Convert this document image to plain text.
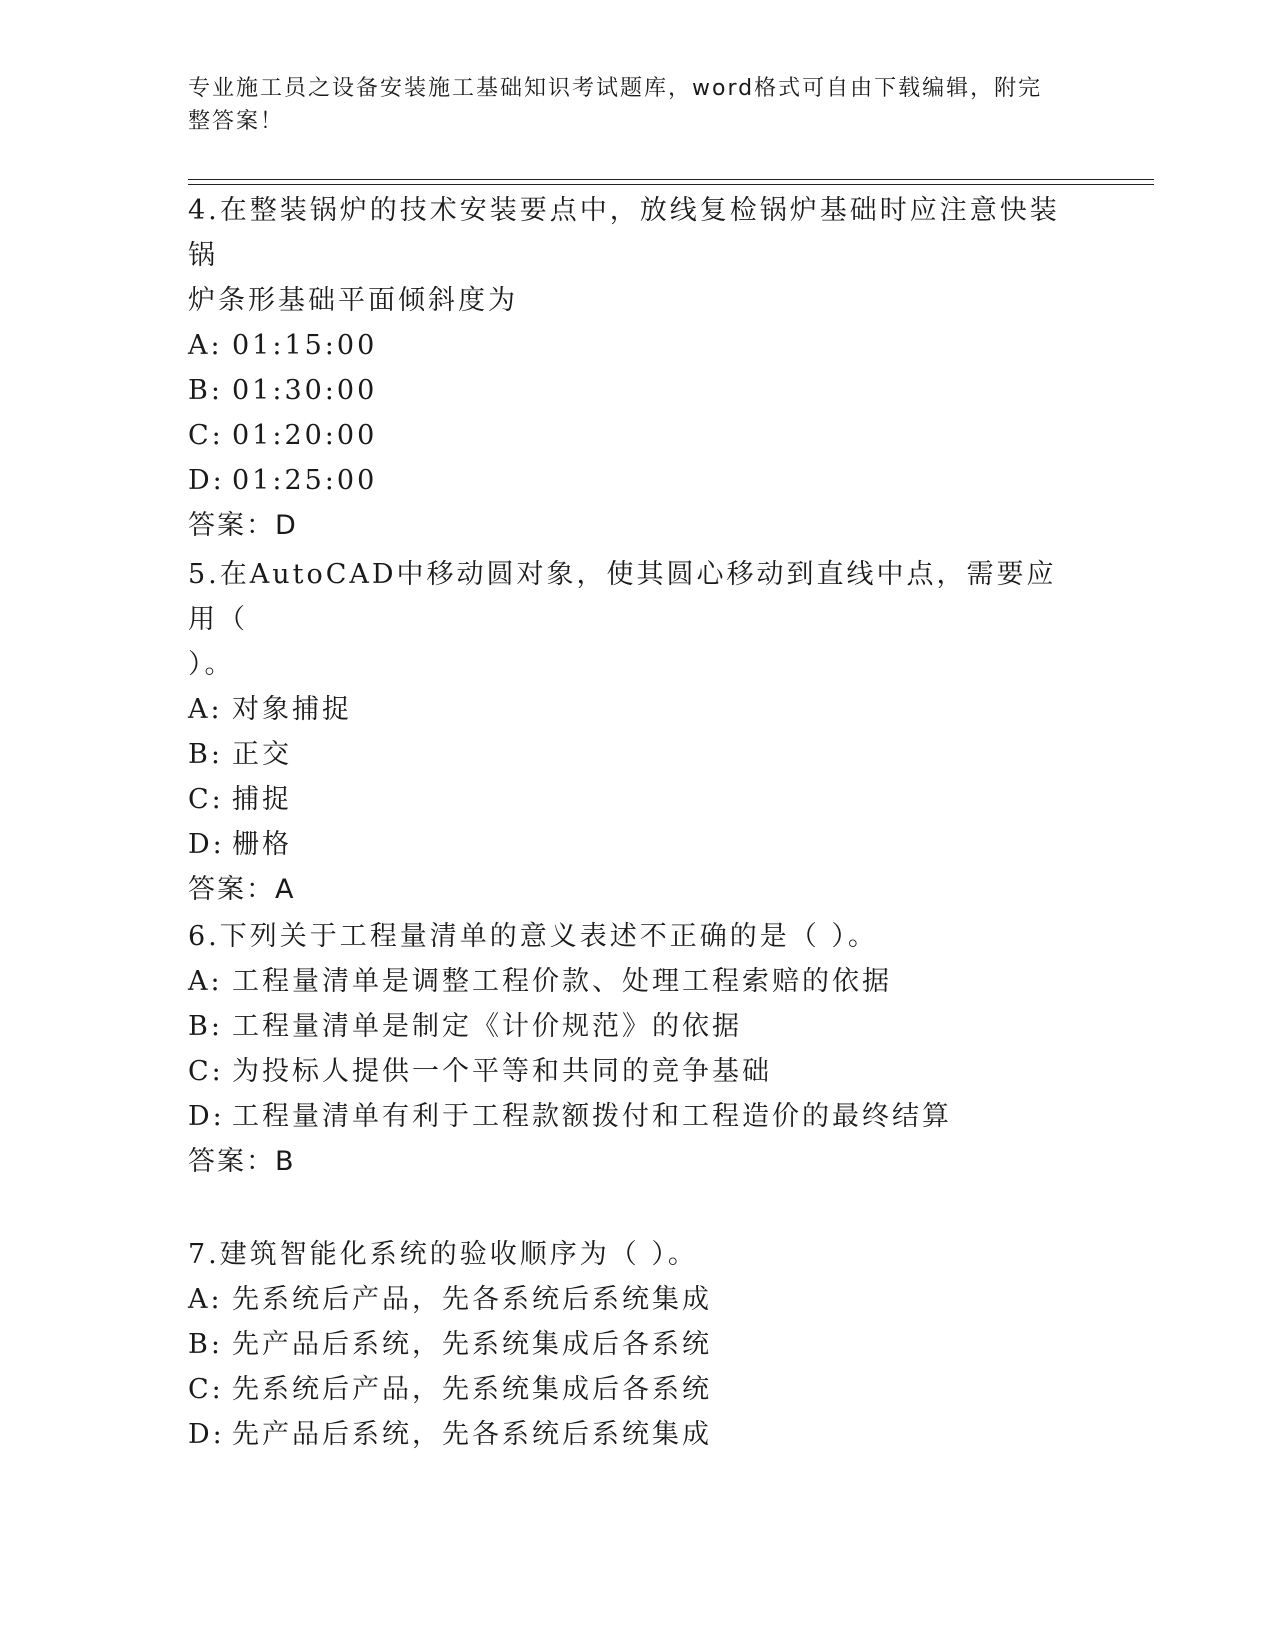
专业施工员之设备安装施工基础知识考试题库，word格式可自由下载编辑，附完
整答案！

4.在整装锅炉的技术安装要点中，放线复检锅炉基础时应注意快装锅

炉条形基础平面倾斜度为

A: 01:15:00

B: 01:30:00

C: 01:20:00

D: 01:25:00

答案：D

5.在AutoCAD中移动圆对象，使其圆心移动到直线中点，需要应用（

）。

A: 对象捕捉

B: 正交

C: 捕捉

D: 栅格

答案：A

6.下列关于工程量清单的意义表述不正确的是（ ）。

A: 工程量清单是调整工程价款、处理工程索赔的依据

B: 工程量清单是制定《计价规范》的依据

C: 为投标人提供一个平等和共同的竞争基础

D: 工程量清单有利于工程款额拨付和工程造价的最终结算

答案：B

7.建筑智能化系统的验收顺序为（ ）。

A: 先系统后产品，先各系统后系统集成

B: 先产品后系统，先系统集成后各系统

C: 先系统后产品，先系统集成后各系统

D: 先产品后系统，先各系统后系统集成
